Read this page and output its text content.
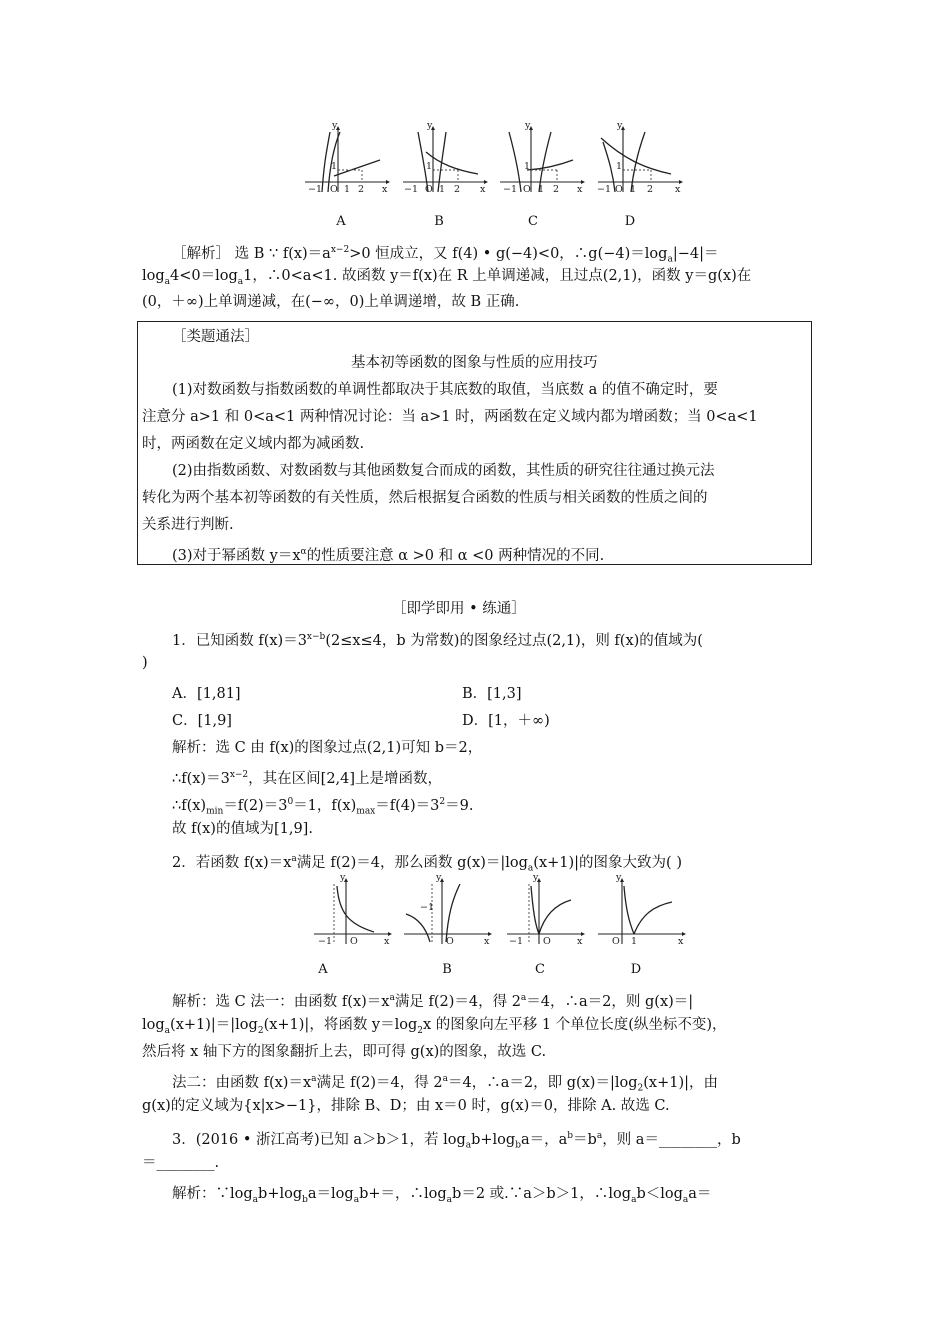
y
x
−1 O 1 2
1
A
y
x
−1 O 1 2
1
B
y
x
−1 O 1 2
1
C
y
x
−1 O 1 2
1
D
［解析］ 选 B ∵ $f(x)=a^{x-2}>0$ 恒成立，又 f(4) • g(−4)<0，$\therefore g(-4)=\log_a|-4|=$
$\log_a4<0=\log_a1$，∴0<a<1. 故函数 y＝f(x)在 R 上单调递减，且过点(2,1)，函数 y＝g(x)在
(0，＋∞)上单调递减，在(−∞，0)上单调递增，故 B 正确.
［类题通法］
基本初等函数的图象与性质的应用技巧
(1)对数函数与指数函数的单调性都取决于其底数的取值，当底数 a 的值不确定时，要
注意分 a>1 和 0<a<1 两种情况讨论：当 a>1 时，两函数在定义域内都为增函数；当 0<a<1
时，两函数在定义域内都为减函数.
(2)由指数函数、对数函数与其他函数复合而成的函数，其性质的研究往往通过换元法
转化为两个基本初等函数的有关性质，然后根据复合函数的性质与相关函数的性质之间的
关系进行判断.
(3)对于幂函数 $y=x^\alpha$的性质要注意 α >0 和 α <0 两种情况的不同.
［即学即用 • 练通］
1．已知函数 $f(x)=3^{x-b}(2\le x\le 4$，b 为常数)的图象经过点(2,1)，则 f(x)的值域为(
)
A．[1,81]	B．[1,3]
C．[1,9]	D．[1，＋∞)
解析：选 C 由 f(x)的图象过点(2,1)可知 b＝2，
$\therefore f(x)=3^{x-2}$，其在区间[2,4]上是增函数，
$\therefore f(x)_{min}=f(2)=3^0=1$，$f(x)_{max}=f(4)=3^2=9$.
故 f(x)的值域为[1,9].
2．若函数 $f(x)=x^a$满足 f(2)＝4，那么函数 $g(x)=|\log_a(x+1)|$的图象大致为( )
y
x
−1 O
A
y
x
−1
O
B
y
x
−1 O
C
y
x
O 1
D
解析：选 C 法一：由函数 $f(x)=x^a$满足 f(2)＝4，得 $2^a=4$，∴a＝2，则 g(x)＝|
$\log_a(x+1)|=|\log_2(x+1)|$，将函数 $y=\log_2x$ 的图象向左平移 1 个单位长度(纵坐标不变)，
然后将 x 轴下方的图象翻折上去，即可得 g(x)的图象，故选 C.
法二：由函数 $f(x)=x^a$满足 f(2)＝4，得 $2^a=4$，∴a＝2，即 $g(x)=|\log_2(x+1)|$，由
g(x)的定义域为{x|x>−1}，排除 B、D；由 x＝0 时，g(x)＝0，排除 A. 故选 C.
3．(2016 • 浙江高考)已知 a＞b＞1，若 $\log_ab+\log_ba=$，$a^b=b^a$，则 a＝________，b
＝________.
解析：$\because\log_ab+\log_ba=\log_ab+=$，$\therefore\log_ab=2$ 或.∵a＞b＞1，$\therefore\log_ab<\log_aa=$
